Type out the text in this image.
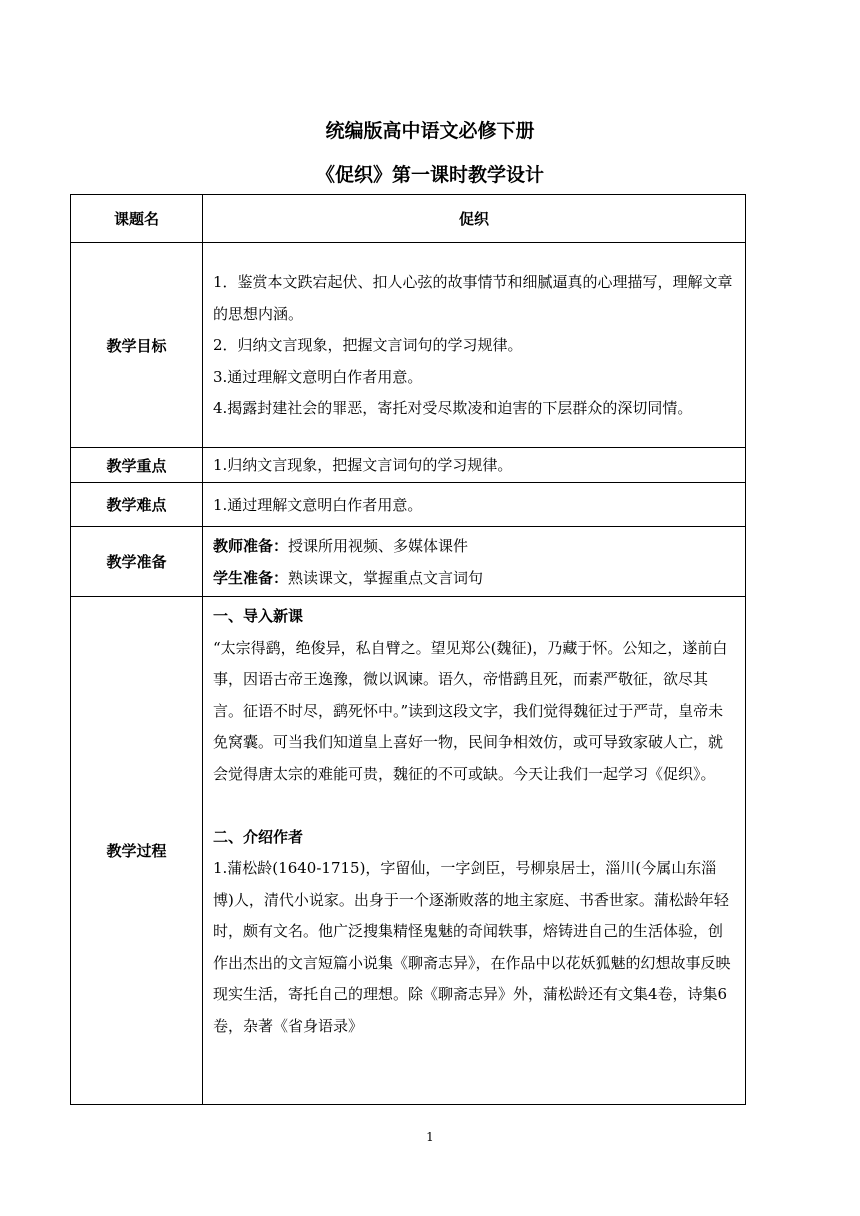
统编版高中语文必修下册
《促织》第一课时教学设计
课题名	促织
教学目标	1．鉴赏本文跌宕起伏、扣人心弦的故事情节和细腻逼真的心理描写，理解文章的思想内涵。

2．归纳文言现象，把握文言词句的学习规律。

3.通过理解文意明白作者用意。

4.揭露封建社会的罪恶，寄托对受尽欺凌和迫害的下层群众的深切同情。

教学重点	1.归纳文言现象，把握文言词句的学习规律。
教学难点	1.通过理解文意明白作者用意。
教学准备	教师准备：授课所用视频、多媒体课件

学生准备：熟读课文，掌握重点文言词句

教学过程	一、导入新课

“太宗得鹞，绝俊异，私自臂之。望见郑公(魏征)，乃藏于怀。公知之，遂前白事，因语古帝王逸豫，微以讽谏。语久，帝惜鹞且死，而素严敬征，欲尽其言。征语不时尽，鹞死怀中。”读到这段文字，我们觉得魏征过于严苛，皇帝未免窝囊。可当我们知道皇上喜好一物，民间争相效仿，或可导致家破人亡，就会觉得唐太宗的难能可贵，魏征的不可或缺。今天让我们一起学习《促织》。

二、介绍作者

1.蒲松龄(1640-1715)，字留仙，一字剑臣，号柳泉居士，淄川(今属山东淄博)人，清代小说家。出身于一个逐渐败落的地主家庭、书香世家。蒲松龄年轻时，颇有文名。他广泛搜集精怪鬼魅的奇闻轶事，熔铸进自己的生活体验，创作出杰出的文言短篇小说集《聊斋志异》，在作品中以花妖狐魅的幻想故事反映现实生活，寄托自己的理想。除《聊斋志异》外，蒲松龄还有文集4卷，诗集6卷，杂著《省身语录》

1
